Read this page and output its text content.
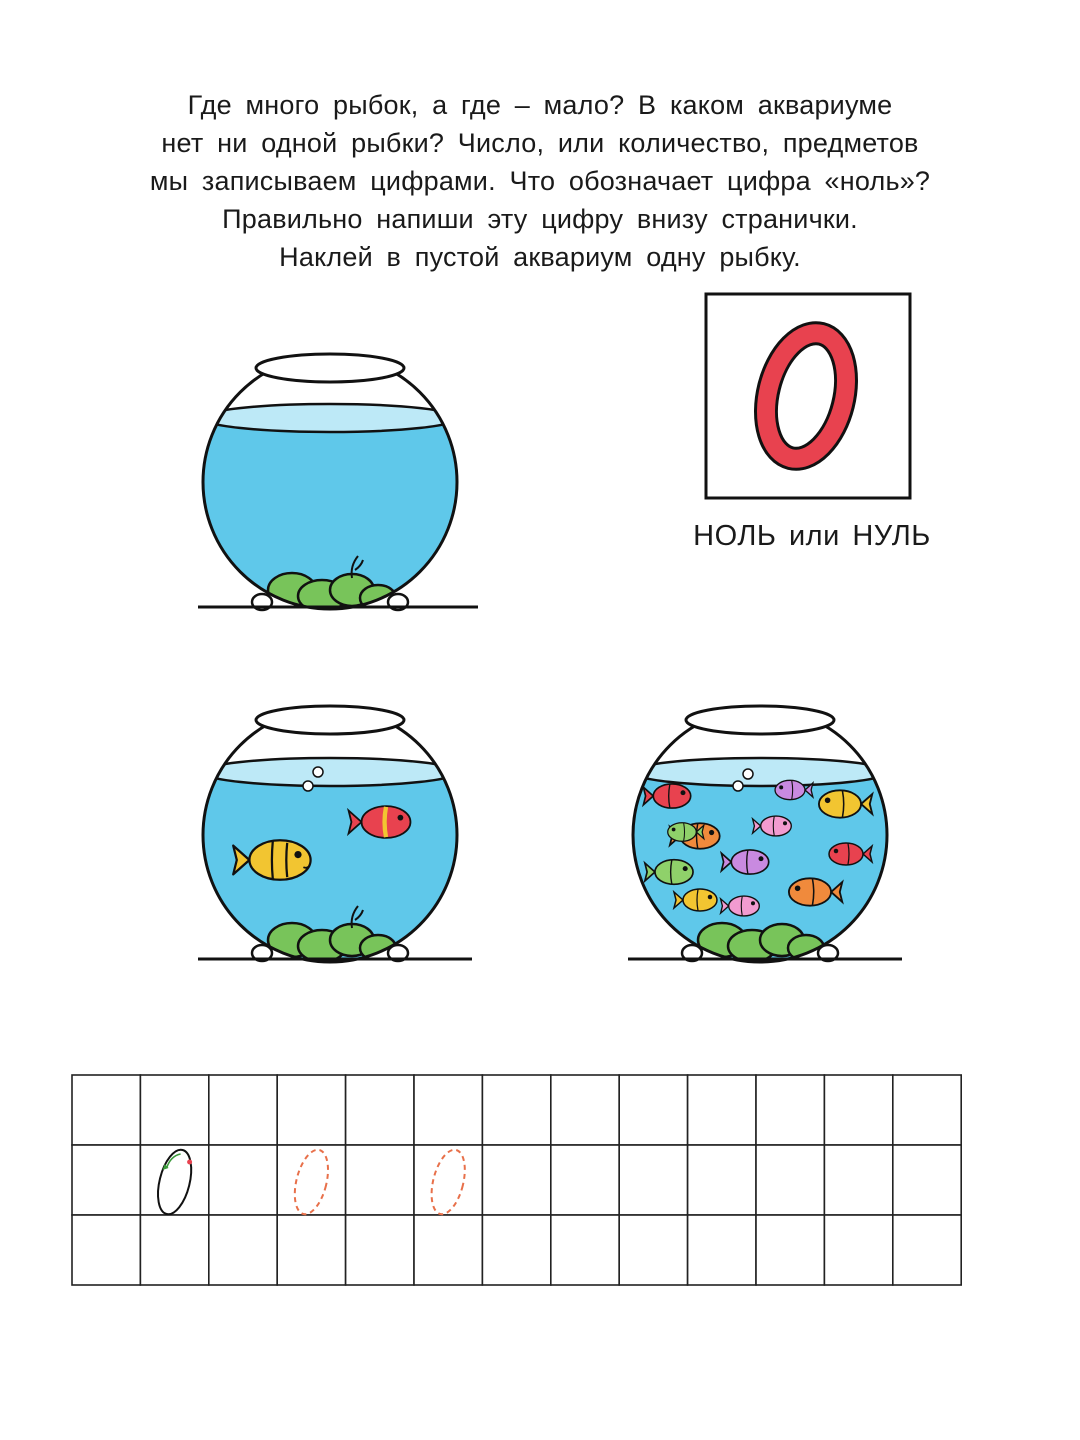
Где много рыбок, а где – мало? В каком аквариуме
нет ни одной рыбки? Число, или количество, предметов
мы записываем цифрами. Что обозначает цифра «ноль»?
Правильно напиши эту цифру внизу странички.
Наклей в пустой аквариум одну рыбку.
НОЛЬ или НУЛЬ
